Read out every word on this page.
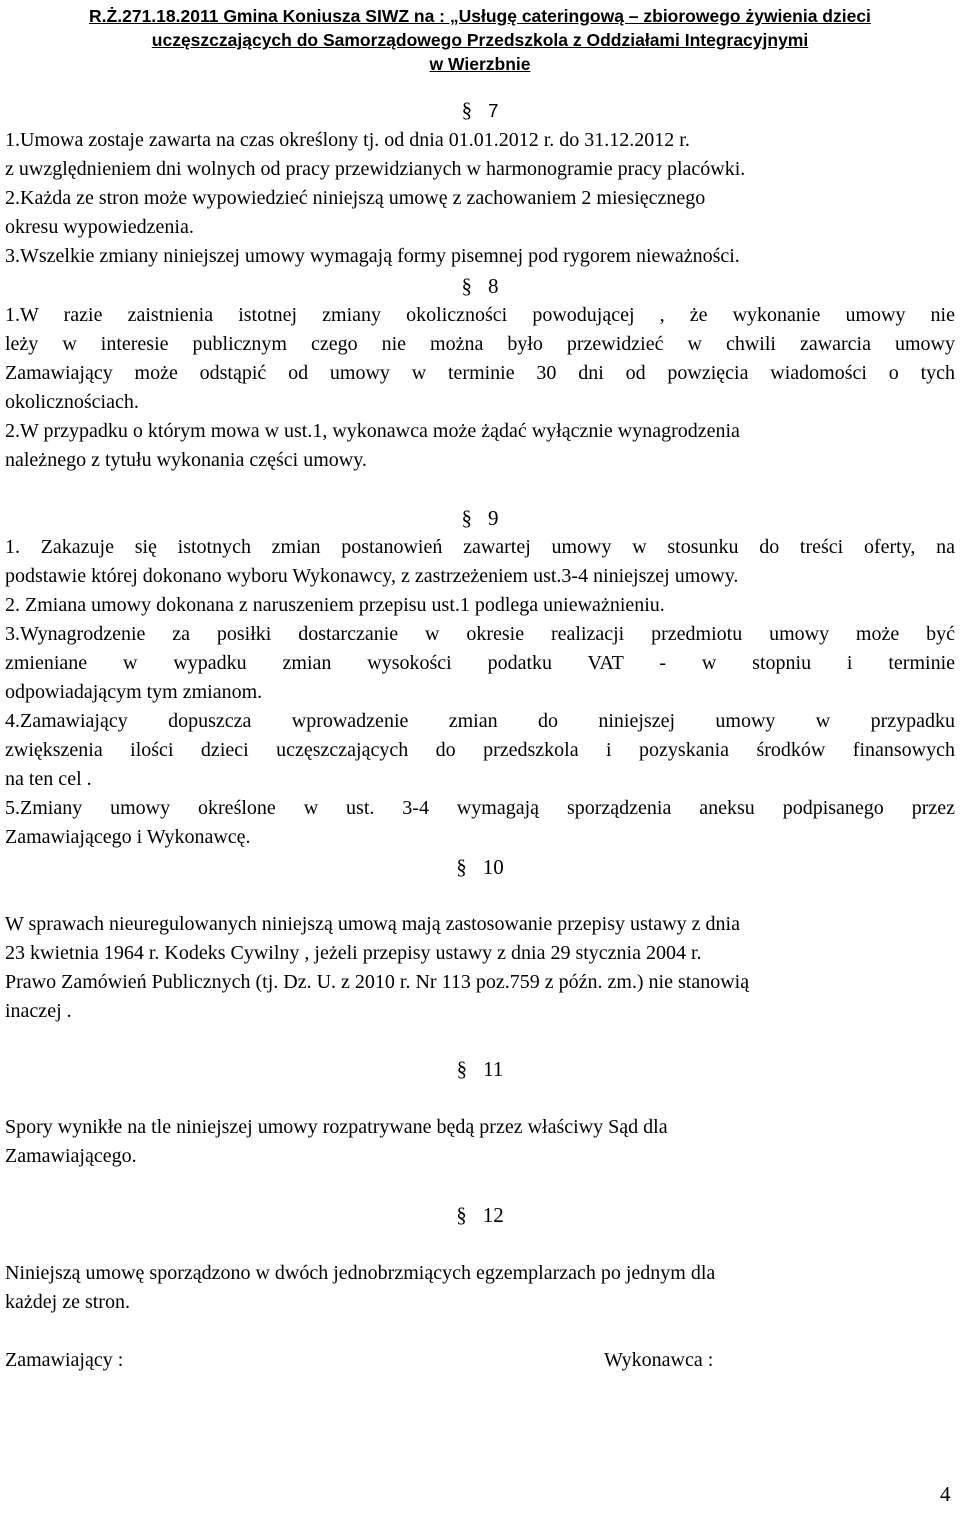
R.Ż.271.18.2011 Gmina Koniusza SIWZ na : „Usługę cateringową – zbiorowego żywienia dzieci
uczęszczających do Samorządowego Przedszkola z Oddziałami Integracyjnymi
w Wierzbnie
§ 7
1.Umowa zostaje zawarta na czas określony tj. od dnia 01.01.2012 r. do 31.12.2012 r.
z uwzględnieniem dni wolnych od pracy przewidzianych w harmonogramie pracy placówki.
2.Każda ze stron może wypowiedzieć niniejszą umowę z zachowaniem 2 miesięcznego
okresu wypowiedzenia.
3.Wszelkie zmiany niniejszej umowy wymagają formy pisemnej pod rygorem nieważności.
§ 8
1.W razie zaistnienia istotnej zmiany okoliczności powodującej , że wykonanie umowy nie
leży w interesie publicznym czego nie można było przewidzieć w chwili zawarcia umowy
Zamawiający może odstąpić od umowy w terminie 30 dni od powzięcia wiadomości o tych
okolicznościach.
2.W przypadku o którym mowa w ust.1, wykonawca może żądać wyłącznie wynagrodzenia
należnego z tytułu wykonania części umowy.
§ 9
1. Zakazuje się istotnych zmian postanowień zawartej umowy w stosunku do treści oferty, na
podstawie której dokonano wyboru Wykonawcy, z zastrzeżeniem ust.3-4 niniejszej umowy.
2. Zmiana umowy dokonana z naruszeniem przepisu ust.1 podlega unieważnieniu.
3.Wynagrodzenie za posiłki dostarczanie w okresie realizacji przedmiotu umowy może być
zmieniane w wypadku zmian wysokości podatku VAT - w stopniu i terminie
odpowiadającym tym zmianom.
4.Zamawiający dopuszcza wprowadzenie zmian do niniejszej umowy w przypadku
zwiększenia ilości dzieci uczęszczających do przedszkola i pozyskania środków finansowych
na ten cel .
5.Zmiany umowy określone w ust. 3-4 wymagają sporządzenia aneksu podpisanego przez
Zamawiającego i Wykonawcę.
§ 10
W sprawach nieuregulowanych niniejszą umową mają zastosowanie przepisy ustawy z dnia
23 kwietnia 1964 r. Kodeks Cywilny , jeżeli przepisy ustawy z dnia 29 stycznia 2004 r.
Prawo Zamówień Publicznych (tj. Dz. U. z 2010 r. Nr 113 poz.759 z późn. zm.) nie stanowią
inaczej .
§ 11
Spory wynikłe na tle niniejszej umowy rozpatrywane będą przez właściwy Sąd dla
Zamawiającego.
§ 12
Niniejszą umowę sporządzono w dwóch jednobrzmiących egzemplarzach po jednym dla
każdej ze stron.
Zamawiający :	Wykonawca :
4
